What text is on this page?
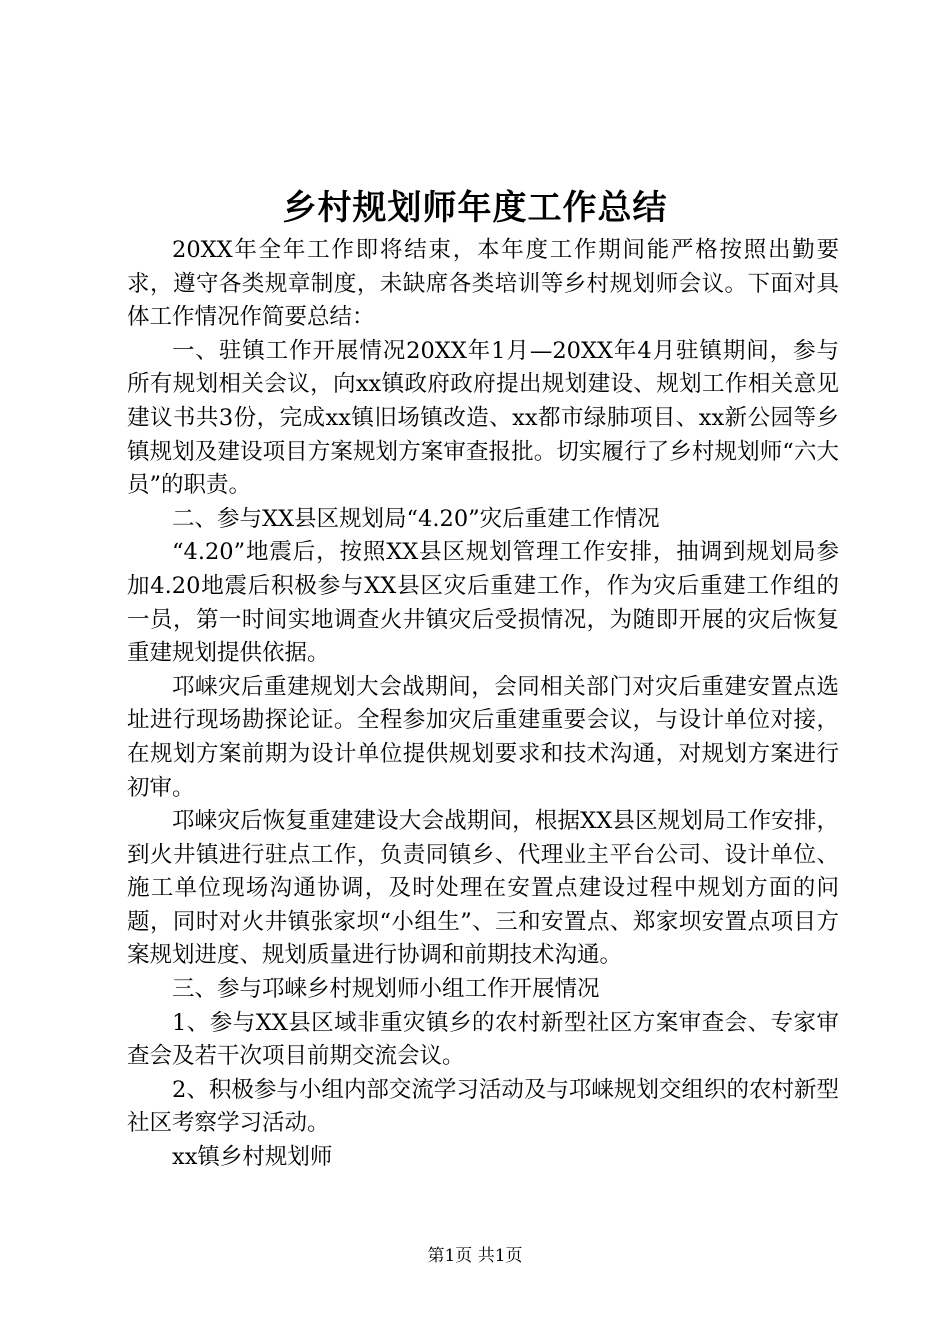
乡村规划师年度工作总结

20XX年全年工作即将结束，本年度工作期间能严格按照出勤要求，遵守各类规章制度，未缺席各类培训等乡村规划师会议。下面对具体工作情况作简要总结：

一、驻镇工作开展情况20XX年1月—20XX年4月驻镇期间，参与所有规划相关会议，向xx镇政府政府提出规划建设、规划工作相关意见建议书共3份，完成xx镇旧场镇改造、xx都市绿肺项目、xx新公园等乡镇规划及建设项目方案规划方案审查报批。切实履行了乡村规划师“六大员”的职责。

二、参与XX县区规划局“4.20”灾后重建工作情况

“4.20”地震后，按照XX县区规划管理工作安排，抽调到规划局参加4.20地震后积极参与XX县区灾后重建工作，作为灾后重建工作组的一员，第一时间实地调查火井镇灾后受损情况，为随即开展的灾后恢复重建规划提供依据。

邛崃灾后重建规划大会战期间，会同相关部门对灾后重建安置点选址进行现场勘探论证。全程参加灾后重建重要会议，与设计单位对接，在规划方案前期为设计单位提供规划要求和技术沟通，对规划方案进行初审。

邛崃灾后恢复重建建设大会战期间，根据XX县区规划局工作安排，到火井镇进行驻点工作，负责同镇乡、代理业主平台公司、设计单位、施工单位现场沟通协调，及时处理在安置点建设过程中规划方面的问题，同时对火井镇张家坝“小组生”、三和安置点、郑家坝安置点项目方案规划进度、规划质量进行协调和前期技术沟通。

三、参与邛崃乡村规划师小组工作开展情况

1、参与XX县区域非重灾镇乡的农村新型社区方案审查会、专家审查会及若干次项目前期交流会议。

2、积极参与小组内部交流学习活动及与邛崃规划交组织的农村新型社区考察学习活动。

xx镇乡村规划师

第1页 共1页
